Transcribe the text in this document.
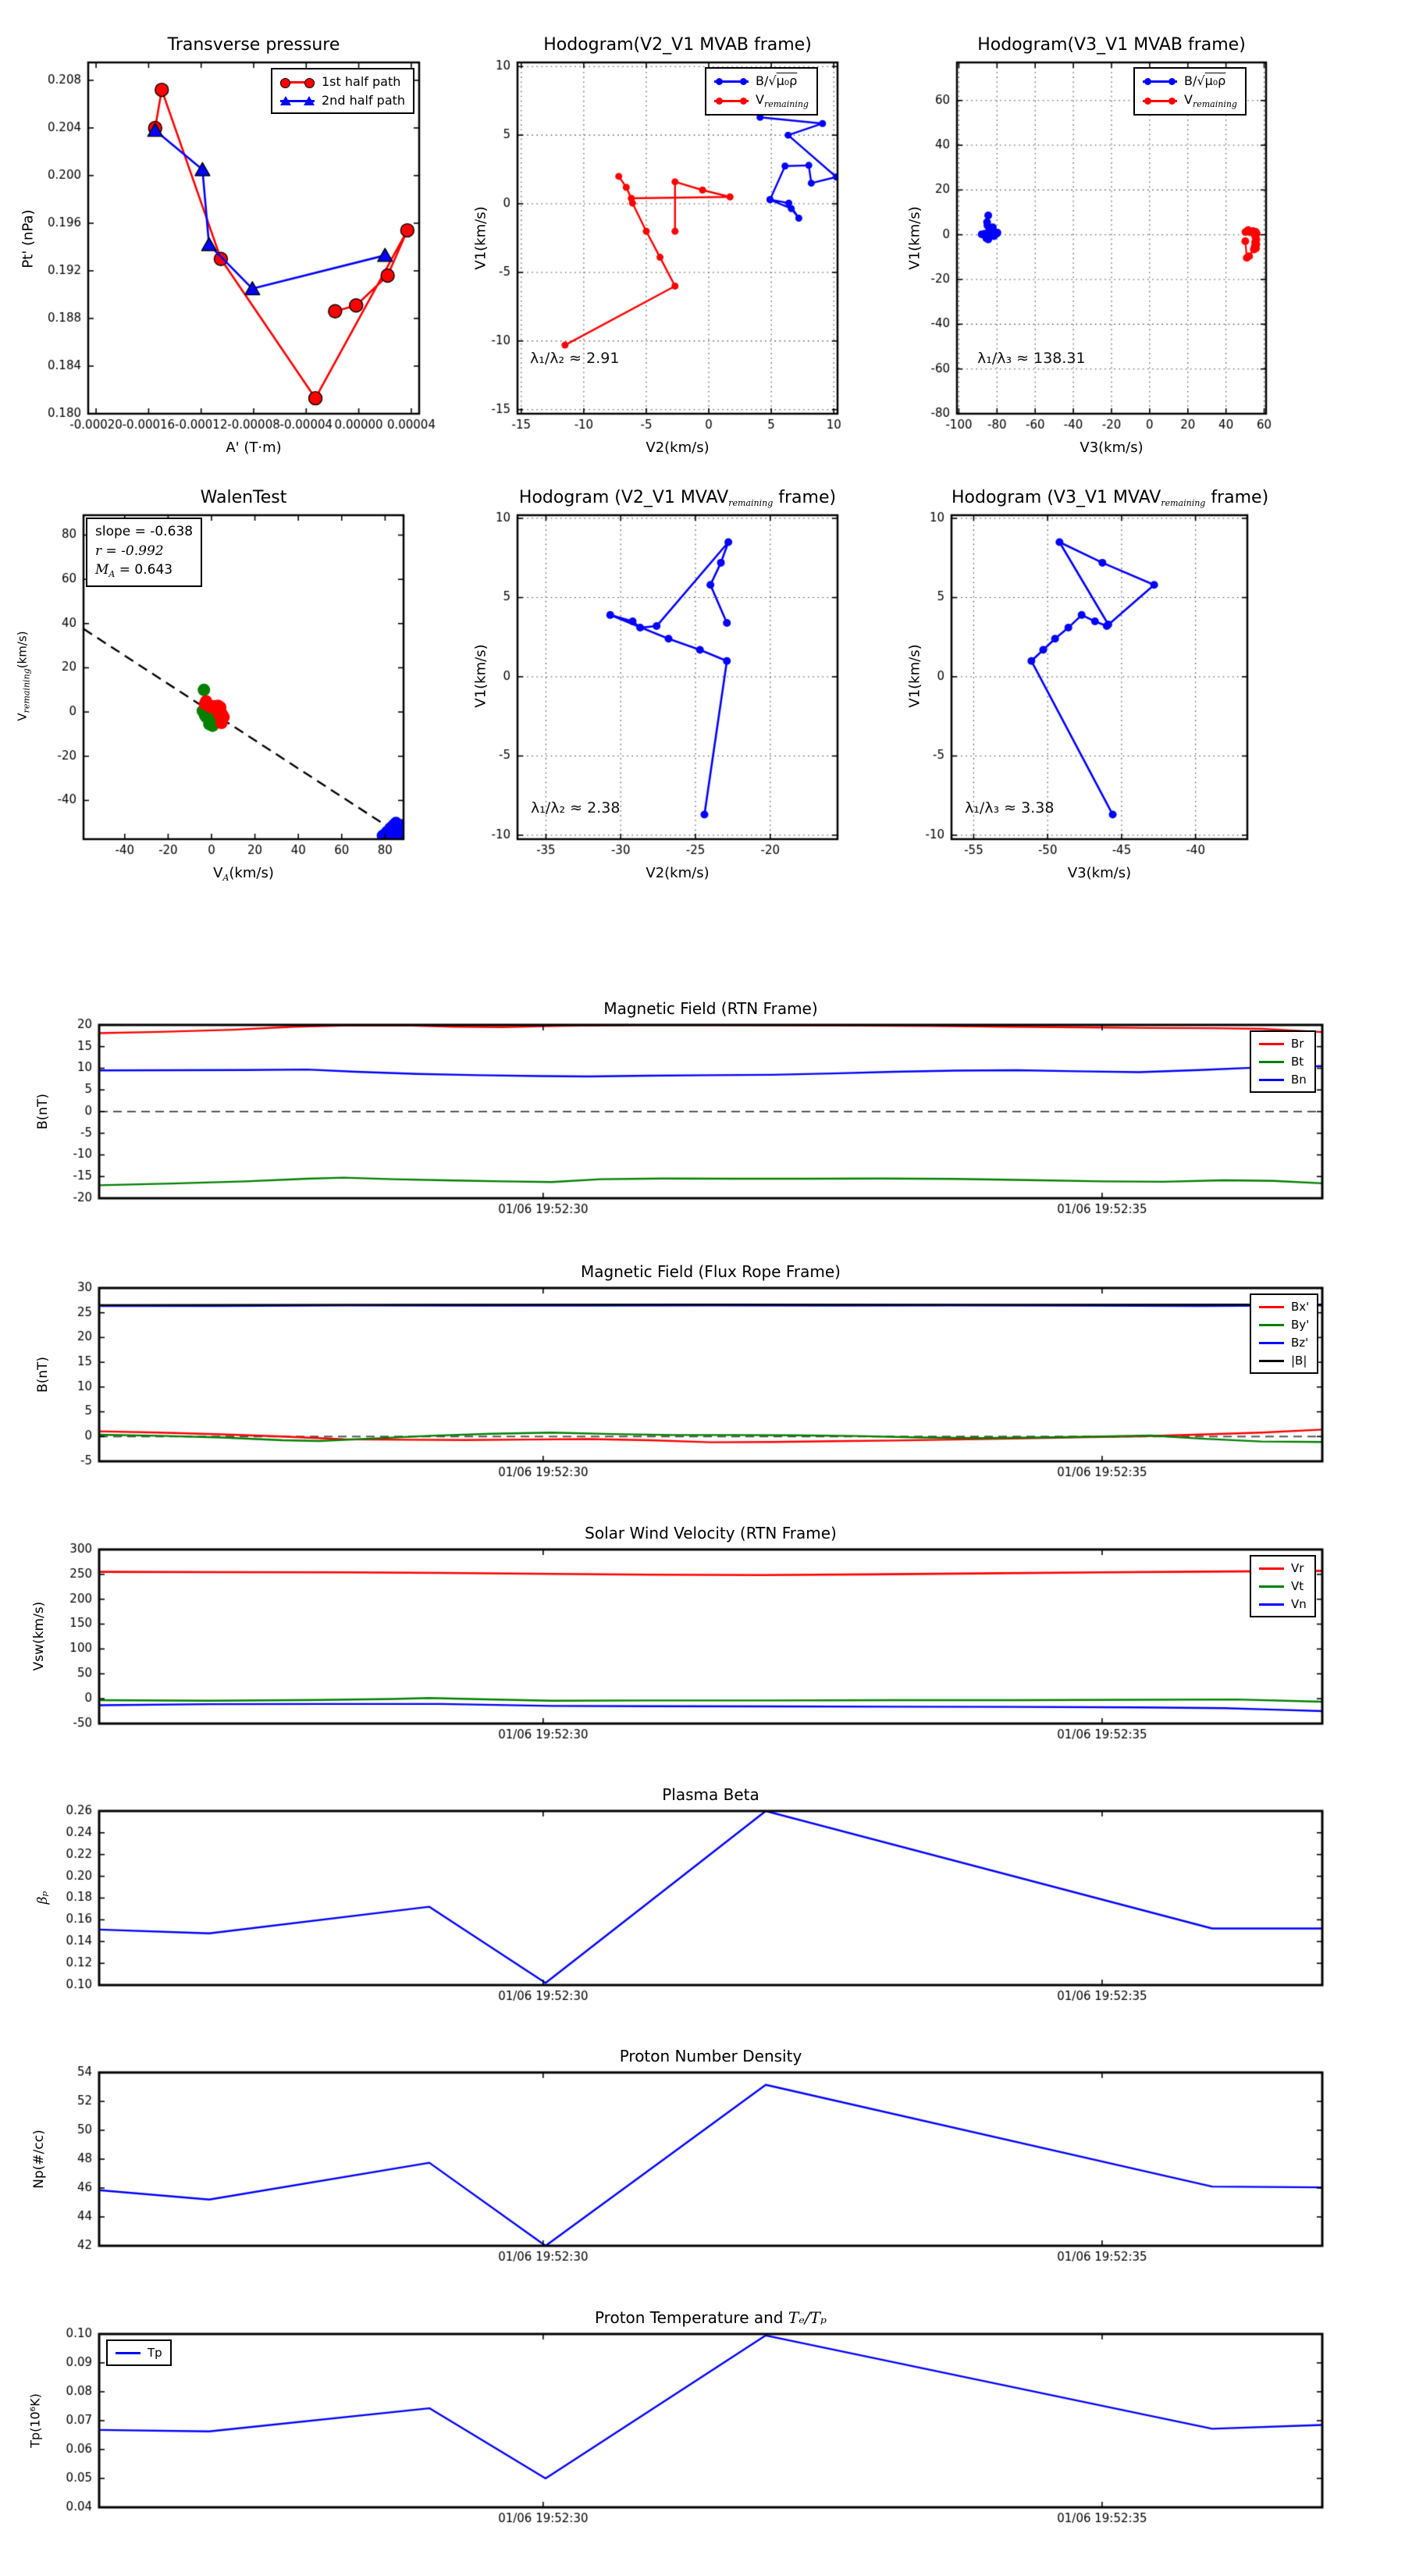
Transverse pressure
Pt' (nPa)
A' (T·m)
1st half path
2nd half path
Hodogram(V2_V1 MVAB frame)
V1(km/s)
V2(km/s)
λ₁/λ₂ ≈ 2.91
B/√μ₀ρ
$V_{remaining}$
Hodogram(V3_V1 MVAB frame)
V1(km/s)
V3(km/s)
λ₁/λ₃ ≈ 138.31
B/√μ₀ρ
$V_{remaining}$
WalenTest
$V_{remaining}(km/s)$
$V_A(km/s)$
slope = -0.638
r = -0.992
$M_A = 0.643$
Hodogram (V2_V1 $MVAV_{remaining}$ frame)
V1(km/s)
V2(km/s)
λ₁/λ₂ ≈ 2.38
Hodogram (V3_V1 $MVAV_{remaining}$ frame)
V1(km/s)
V3(km/s)
λ₁/λ₃ ≈ 3.38
Magnetic Field (RTN Frame)
B(nT)
Br
Bt
Bn
Magnetic Field (Flux Rope Frame)
B(nT)
Bx'
By'
Bz'
|B|
Solar Wind Velocity (RTN Frame)
Vsw(km/s)
Vr
Vt
Vn
Plasma Beta
βₚ
Proton Number Density
Np(#/cc)
Proton Temperature and Tₑ/Tₚ
Tp(10⁶K)
Tp
